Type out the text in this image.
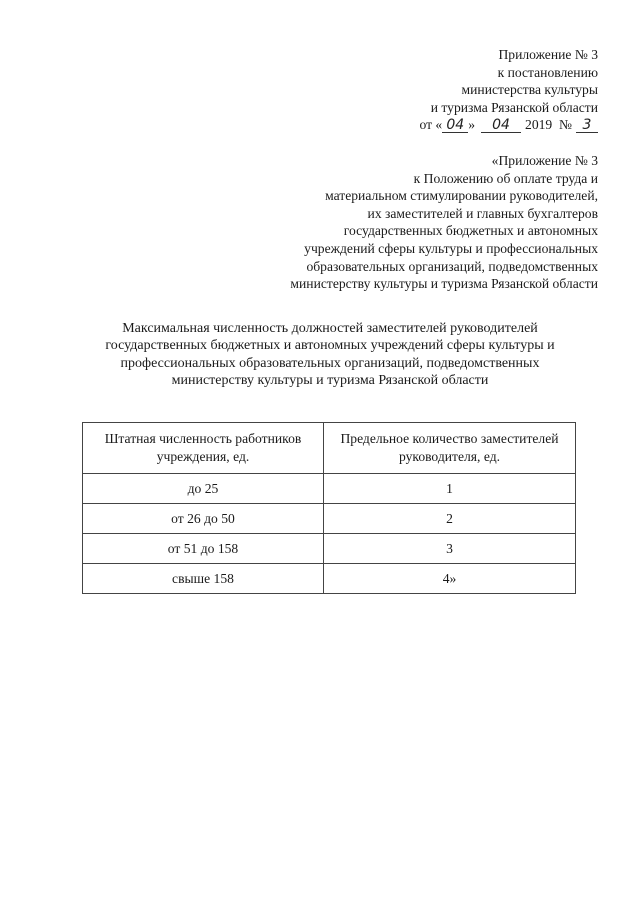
Приложение № 3
к постановлению
министерства культуры
и туризма Рязанской области
от « 04 » 04 2019 № 3
«Приложение № 3
к Положению об оплате труда и
материальном стимулировании руководителей,
их заместителей и главных бухгалтеров
государственных бюджетных и автономных
учреждений сферы культуры и профессиональных
образовательных организаций, подведомственных
министерству культуры и туризма Рязанской области
Максимальная численность должностей заместителей руководителей
государственных бюджетных и автономных учреждений сферы культуры и
профессиональных образовательных организаций, подведомственных
министерству культуры и туризма Рязанской области
Штатная численность работников учреждения, ед.	Предельное количество заместителей руководителя, ед.
до 25	1
от 26 до 50	2
от 51 до 158	3
свыше 158	4»
